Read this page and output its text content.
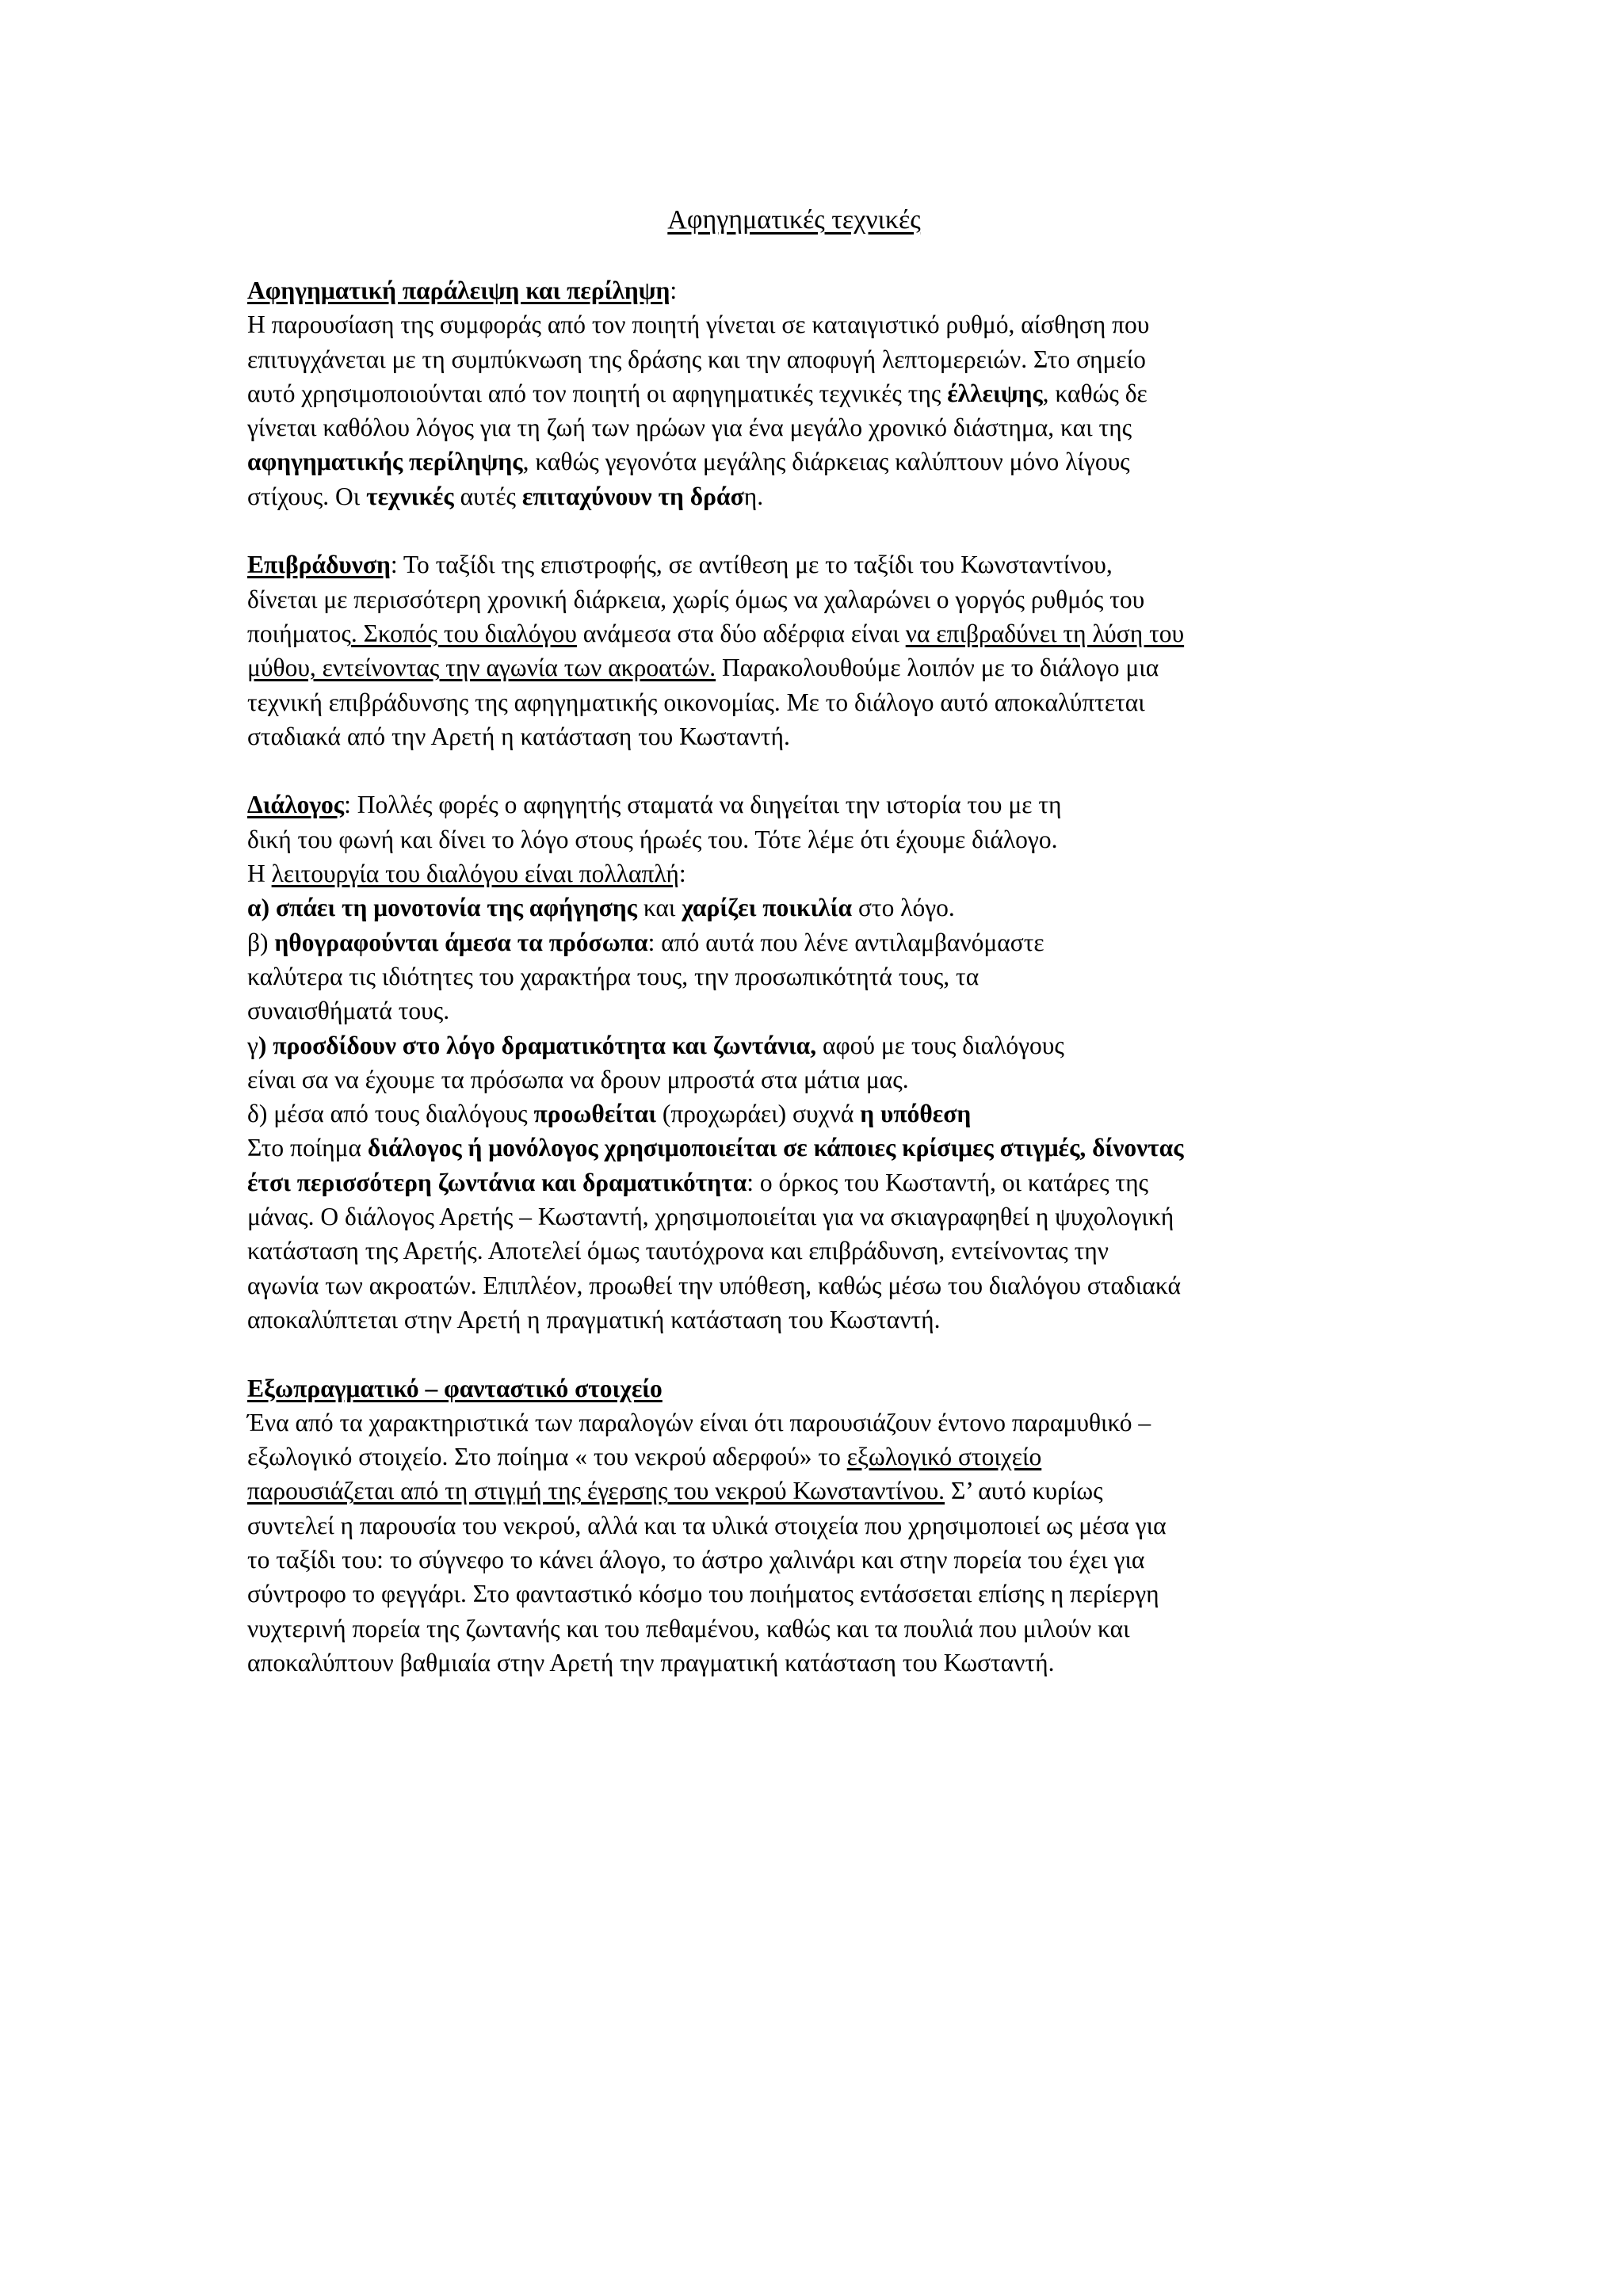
Αφηγηματικές τεχνικές
Αφηγηματική παράλειψη και περίληψη:
Η παρουσίαση της συμφοράς από τον ποιητή γίνεται σε καταιγιστικό ρυθμό, αίσθηση που
επιτυγχάνεται με τη συμπύκνωση της δράσης και την αποφυγή λεπτομερειών. Στο σημείο
αυτό χρησιμοποιούνται από τον ποιητή οι αφηγηματικές τεχνικές της έλλειψης, καθώς δε
γίνεται καθόλου λόγος για τη ζωή των ηρώων για ένα μεγάλο χρονικό διάστημα, και της
αφηγηματικής περίληψης, καθώς γεγονότα μεγάλης διάρκειας καλύπτουν μόνο λίγους
στίχους. Οι τεχνικές αυτές επιταχύνουν τη δράση.
Επιβράδυνση: Το ταξίδι της επιστροφής, σε αντίθεση με το ταξίδι του Κωνσταντίνου,
δίνεται με περισσότερη χρονική διάρκεια, χωρίς όμως να χαλαρώνει ο γοργός ρυθμός του
ποιήματος. Σκοπός του διαλόγου ανάμεσα στα δύο αδέρφια είναι να επιβραδύνει τη λύση του
μύθου, εντείνοντας την αγωνία των ακροατών. Παρακολουθούμε λοιπόν με το διάλογο μια
τεχνική επιβράδυνσης της αφηγηματικής οικονομίας. Με το διάλογο αυτό αποκαλύπτεται
σταδιακά από την Αρετή η κατάσταση του Κωσταντή.
Διάλογος: Πολλές φορές ο αφηγητής σταματά να διηγείται την ιστορία του με τη
δική του φωνή και δίνει το λόγο στους ήρωές του. Τότε λέμε ότι έχουμε διάλογο.
Η λειτουργία του διαλόγου είναι πολλαπλή:
α) σπάει τη μονοτονία της αφήγησης και χαρίζει ποικιλία στο λόγο.
β) ηθογραφούνται άμεσα τα πρόσωπα: από αυτά που λένε αντιλαμβανόμαστε
καλύτερα τις ιδιότητες του χαρακτήρα τους, την προσωπικότητά τους, τα
συναισθήματά τους.
γ) προσδίδουν στο λόγο δραματικότητα και ζωντάνια, αφού με τους διαλόγους
είναι σα να έχουμε τα πρόσωπα να δρουν μπροστά στα μάτια μας.
δ) μέσα από τους διαλόγους προωθείται (προχωράει) συχνά η υπόθεση
Στο ποίημα διάλογος ή μονόλογος χρησιμοποιείται σε κάποιες κρίσιμες στιγμές, δίνοντας
έτσι περισσότερη ζωντάνια και δραματικότητα: ο όρκος του Κωσταντή, οι κατάρες της
μάνας. Ο διάλογος Αρετής – Κωσταντή, χρησιμοποιείται για να σκιαγραφηθεί η ψυχολογική
κατάσταση της Αρετής. Αποτελεί όμως ταυτόχρονα και επιβράδυνση, εντείνοντας την
αγωνία των ακροατών. Επιπλέον, προωθεί την υπόθεση, καθώς μέσω του διαλόγου σταδιακά
αποκαλύπτεται στην Αρετή η πραγματική κατάσταση του Κωσταντή.
Εξωπραγματικό – φανταστικό στοιχείο
Ένα από τα χαρακτηριστικά των παραλογών είναι ότι παρουσιάζουν έντονο παραμυθικό –
εξωλογικό στοιχείο. Στο ποίημα « του νεκρού αδερφού» το εξωλογικό στοιχείο
παρουσιάζεται από τη στιγμή της έγερσης του νεκρού Κωνσταντίνου. Σ’ αυτό κυρίως
συντελεί η παρουσία του νεκρού, αλλά και τα υλικά στοιχεία που χρησιμοποιεί ως μέσα για
το ταξίδι του: το σύγνεφο το κάνει άλογο, το άστρο χαλινάρι και στην πορεία του έχει για
σύντροφο το φεγγάρι. Στο φανταστικό κόσμο του ποιήματος εντάσσεται επίσης η περίεργη
νυχτερινή πορεία της ζωντανής και του πεθαμένου, καθώς και τα πουλιά που μιλούν και
αποκαλύπτουν βαθμιαία στην Αρετή την πραγματική κατάσταση του Κωσταντή.
